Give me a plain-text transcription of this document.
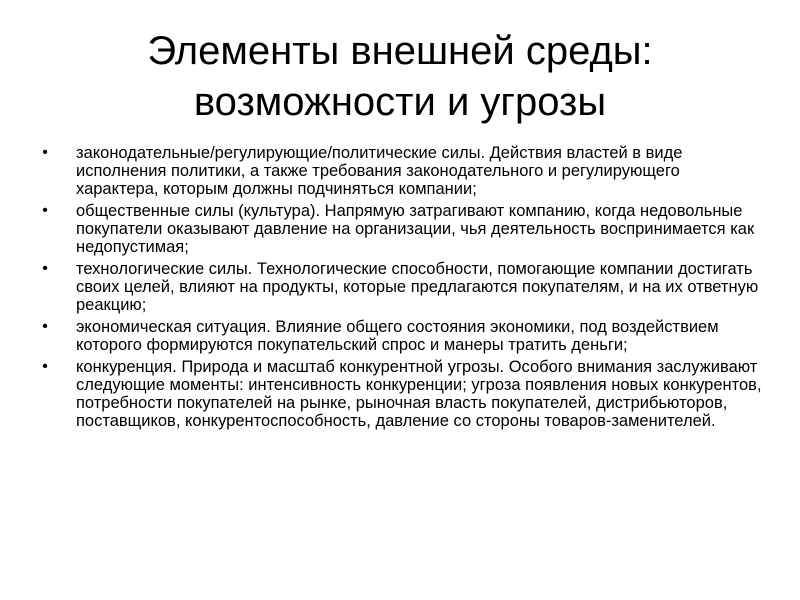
Элементы внешней среды:
возможности и угрозы
• законодательные/регулирующие/политические силы. Действия властей в виде исполнения политики, а также требования законодательного и регулирующего характера, которым должны подчиняться компании;
• общественные силы (культура). Напрямую затрагивают компанию, когда недовольные покупатели оказывают давление на организации, чья деятельность воспринимается как недопустимая;
• технологические силы. Технологические способности, помогающие компании достигать своих целей, влияют на продукты, которые предлагаются покупателям, и на их ответную реакцию;
• экономическая ситуация. Влияние общего состояния экономики, под воздействием которого формируются покупательский спрос и манеры тратить деньги;
• конкуренция. Природа и масштаб конкурентной угрозы. Особого внимания заслуживают следующие моменты: интенсивность конкуренции; угроза появления новых конкурентов, потребности покупателей на рынке, рыночная власть покупателей, дистрибьюторов, поставщиков, конкурентоспособность, давление со стороны товаров-заменителей.
